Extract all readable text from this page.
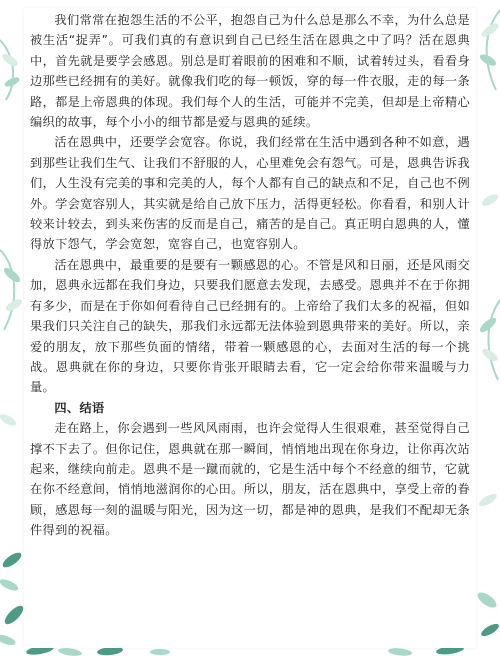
我们常常在抱怨生活的不公平，抱怨自己为什么总是那么不幸，为什么总是被生活“捉弄”。可我们真的有意识到自己已经生活在恩典之中了吗？活在恩典中，首先就是要学会感恩。别总是盯着眼前的困难和不顺，试着转过头，看看身边那些已经拥有的美好。就像我们吃的每一顿饭，穿的每一件衣服，走的每一条路，都是上帝恩典的体现。我们每个人的生活，可能并不完美，但却是上帝精心编织的故事，每个小小的细节都是爱与恩典的延续。

活在恩典中，还要学会宽容。你说，我们经常在生活中遇到各种不如意，遇到那些让我们生气、让我们不舒服的人，心里难免会有怨气。可是，恩典告诉我们，人生没有完美的事和完美的人，每个人都有自己的缺点和不足，自己也不例外。学会宽容别人，其实就是给自己放下压力，活得更轻松。你看看，和别人计较来计较去，到头来伤害的反而是自己，痛苦的是自己。真正明白恩典的人，懂得放下怨气，学会宽恕，宽容自己，也宽容别人。

活在恩典中，最重要的是要有一颗感恩的心。不管是风和日丽，还是风雨交加，恩典永远都在我们身边，只要我们愿意去发现，去感受。恩典并不在于你拥有多少，而是在于你如何看待自己已经拥有的。上帝给了我们太多的祝福，但如果我们只关注自己的缺失，那我们永远都无法体验到恩典带来的美好。所以，亲爱的朋友，放下那些负面的情绪，带着一颗感恩的心，去面对生活的每一个挑战。恩典就在你的身边，只要你肯张开眼睛去看，它一定会给你带来温暖与力量。

四、结语

走在路上，你会遇到一些风风雨雨，也许会觉得人生很艰难，甚至觉得自己撑不下去了。但你记住，恩典就在那一瞬间，悄悄地出现在你身边，让你再次站起来，继续向前走。恩典不是一蹴而就的，它是生活中每个不经意的细节，它就在你不经意间，悄悄地滋润你的心田。所以，朋友，活在恩典中，享受上帝的眷顾，感恩每一刻的温暖与阳光，因为这一切，都是神的恩典，是我们不配却无条件得到的祝福。
